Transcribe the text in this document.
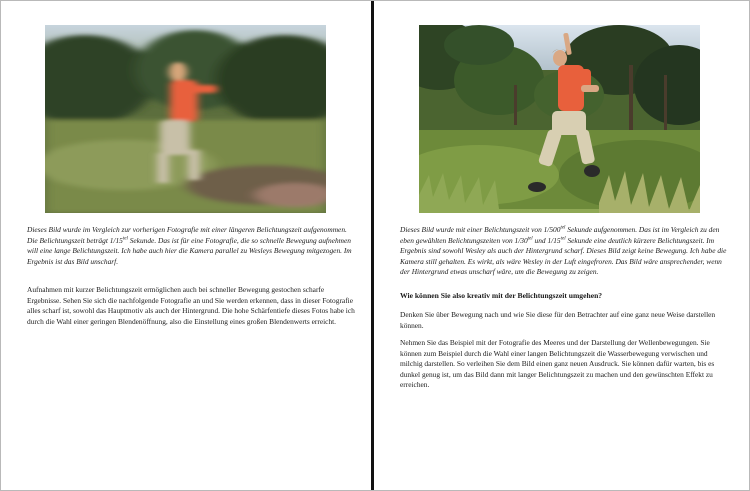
Dieses Bild wurde im Vergleich zur vorherigen Fotografie mit einer längeren Belichtungszeit aufgenommen. Die Belichtungszeit beträgt $1/15^{tel}$ Sekunde. Das ist für eine Fotografie, die so schnelle Bewegung aufnehmen will eine lange Belichtungszeit. Ich habe auch hier die Kamera parallel zu Wesleys Bewegung mitgezogen. Im Ergebnis ist das Bild unscharf.

Aufnahmen mit kurzer Belichtungszeit ermöglichen auch bei schneller Bewegung gestochen scharfe Ergebnisse. Sehen Sie sich die nachfolgende Fotografie an und Sie werden erkennen, dass in dieser Fotografie alles scharf ist, sowohl das Hauptmotiv als auch der Hintergrund. Die hohe Schärfentiefe dieses Fotos habe ich durch die Wahl einer geringen Blendenöffnung, also die Einstellung eines großen Blendenwerts erreicht.

Dieses Bild wurde mit einer Belichtungszeit von $1/500^{tel}$ Sekunde aufgenommen. Das ist im Vergleich zu den eben gewählten Belichtungszeiten von $1/30^{tel}$ und $1/15^{tel}$ Sekunde eine deutlich kürzere Belichtungszeit. Im Ergebnis sind sowohl Wesley als auch der Hintergrund scharf. Dieses Bild zeigt keine Bewegung. Ich habe die Kamera still gehalten. Es wirkt, als wäre Wesley in der Luft eingefroren. Das Bild wäre ansprechender, wenn der Hintergrund etwas unscharf wäre, um die Bewegung zu zeigen.

Wie können Sie also kreativ mit der Belichtungszeit umgehen?

Denken Sie über Bewegung nach und wie Sie diese für den Betrachter auf eine ganz neue Weise darstellen können.

Nehmen Sie das Beispiel mit der Fotografie des Meeres und der Darstellung der Wellenbewegungen. Sie können zum Beispiel durch die Wahl einer langen Belichtungszeit die Wasserbewegung verwischen und milchig darstellen. So verleihen Sie dem Bild einen ganz neuen Ausdruck. Sie können dafür warten, bis es dunkel genug ist, um das Bild dann mit langer Belichtungszeit zu machen und den gewünschten Effekt zu erreichen.
